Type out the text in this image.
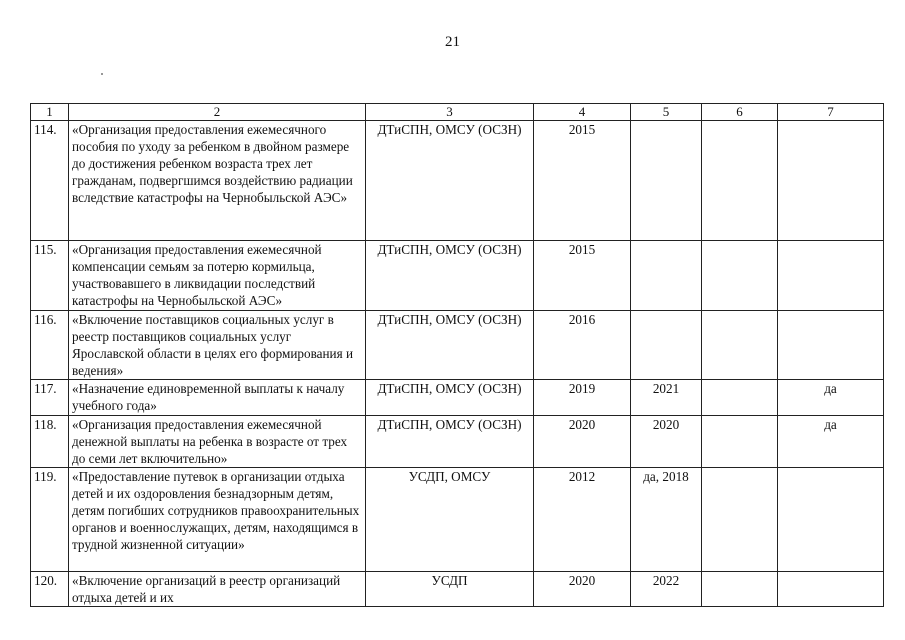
21
1	2	3	4	5	6	7
114.	«Организация предоставления ежемесячного пособия по уходу за ребенком в двойном размере до достижения ребенком возраста трех лет гражданам, подвергшимся воздействию радиации вследствие катастрофы на Чернобыльской АЭС»	ДТиСПН, ОМСУ (ОСЗН)	2015			
115.	«Организация предоставления ежемесячной компенсации семьям за потерю кормильца, участвовавшего в ликвидации последствий катастрофы на Чернобыльской АЭС»	ДТиСПН, ОМСУ (ОСЗН)	2015			
116.	«Включение поставщиков социальных услуг в реестр поставщиков социальных услуг Ярославской области в целях его формирования и ведения»	ДТиСПН, ОМСУ (ОСЗН)	2016			
117.	«Назначение единовременной выплаты к началу учебного года»	ДТиСПН, ОМСУ (ОСЗН)	2019	2021		да
118.	«Организация предоставления ежемесячной денежной выплаты на ребенка в возрасте от трех до семи лет включительно»	ДТиСПН, ОМСУ (ОСЗН)	2020	2020		да
119.	«Предоставление путевок в организации отдыха детей и их оздоровления безнадзорным детям, детям погибших сотрудников правоохранительных органов и военнослужащих, детям, находящимся в трудной жизненной ситуации»	УСДП, ОМСУ	2012	да, 2018		
120.	«Включение организаций в реестр организаций отдыха детей и их	УСДП	2020	2022		
